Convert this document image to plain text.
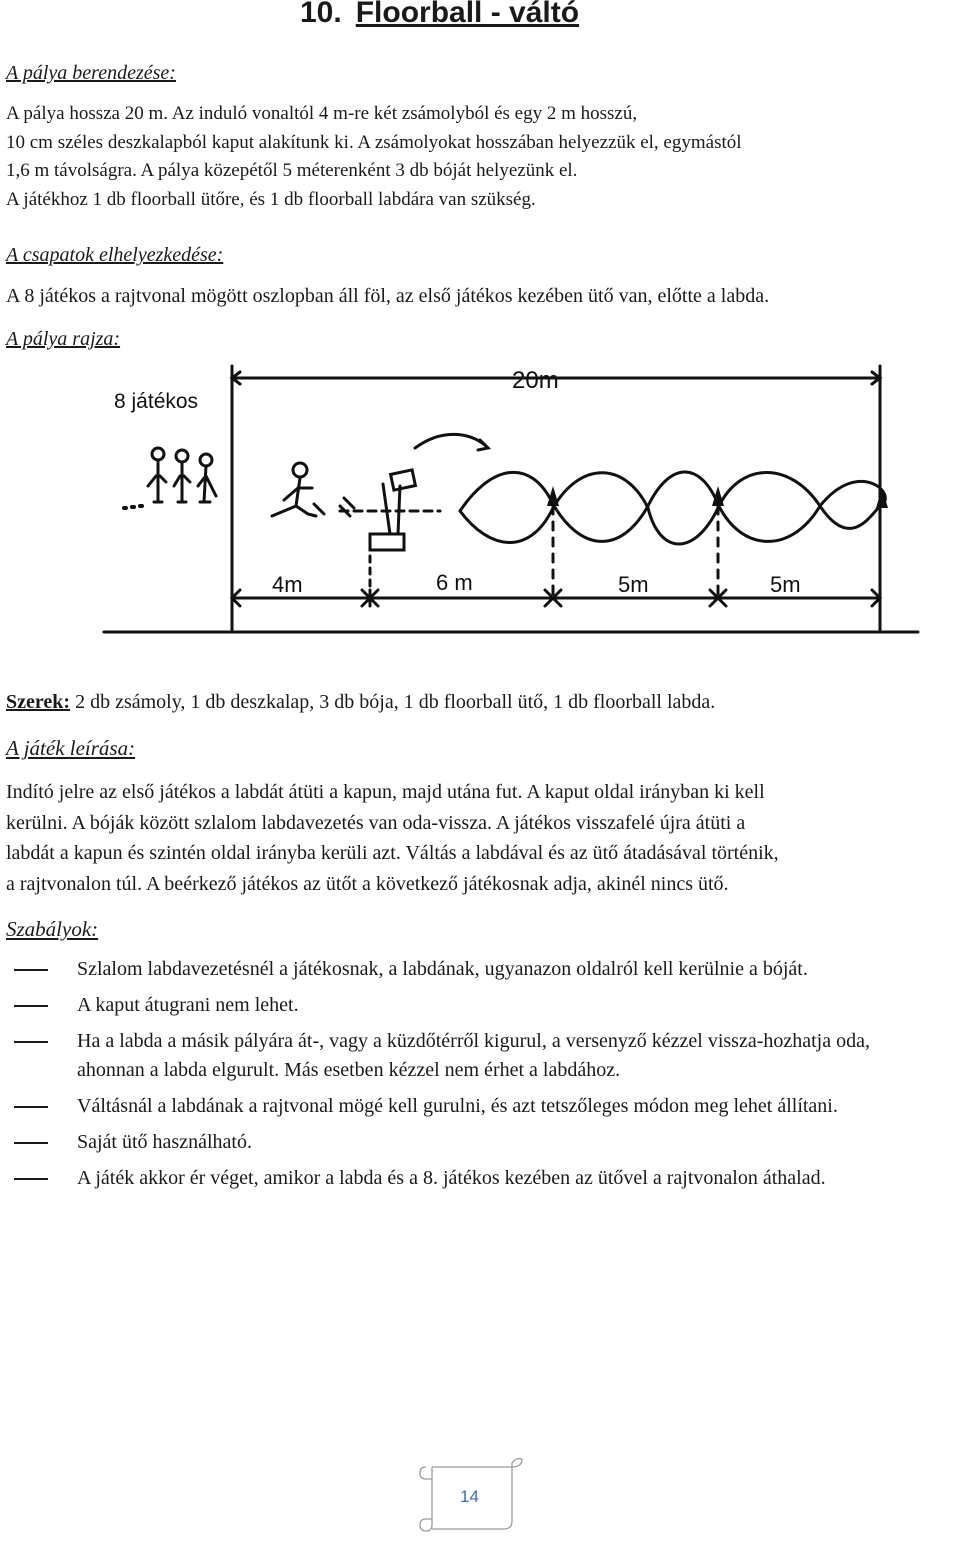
10. Floorball - váltó
A pálya berendezése:
A pálya hossza 20 m. Az induló vonaltól 4 m-re két zsámolyból és egy 2 m hosszú,
10 cm széles deszkalapból kaput alakítunk ki. A zsámolyokat hosszában helyezzük el, egymástól
1,6 m távolságra. A pálya közepétől 5 méterenként 3 db bóját helyezünk el.
A játékhoz 1 db floorball ütőre, és 1 db floorball labdára van szükség.
A csapatok elhelyezkedése:
A 8 játékos a rajtvonal mögött oszlopban áll föl, az első játékos kezében ütő van, előtte a labda.
A pálya rajza:
8 játékos
20m
4m	6 m	5m	5m
Szerek: 2 db zsámoly, 1 db deszkalap, 3 db bója, 1 db floorball ütő, 1 db floorball labda.
A játék leírása:
Indító jelre az első játékos a labdát átüti a kapun, majd utána fut. A kaput oldal irányban ki kell
kerülni. A bóják között szlalom labdavezetés van oda-vissza. A játékos visszafelé újra átüti a
labdát a kapun és szintén oldal irányba kerüli azt. Váltás a labdával és az ütő átadásával történik,
a rajtvonalon túl. A beérkező játékos az ütőt a következő játékosnak adja, akinél nincs ütő.
Szabályok:
Szlalom labdavezetésnél a játékosnak, a labdának, ugyanazon oldalról kell kerülnie a bóját.
A kaput átugrani nem lehet.
Ha a labda a másik pályára át-, vagy a küzdőtérről kigurul, a versenyző kézzel vissza-hozhatja oda, ahonnan a labda elgurult. Más esetben kézzel nem érhet a labdához.
Váltásnál a labdának a rajtvonal mögé kell gurulni, és azt tetszőleges módon meg lehet állítani.
Saját ütő használható.
A játék akkor ér véget, amikor a labda és a 8. játékos kezében az ütővel a rajtvonalon áthalad.
14
